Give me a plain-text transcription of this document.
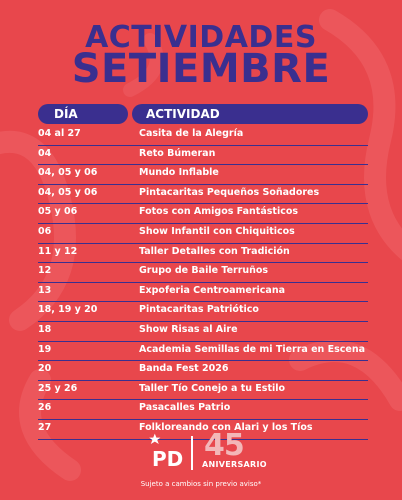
ACTIVIDADES
SETIEMBRE
DÍA	ACTIVIDAD
04 al 27	Casita de la Alegría
04	Reto Búmeran
04, 05 y 06	Mundo Inflable
04, 05 y 06	Pintacaritas Pequeños Soñadores
05 y 06	Fotos con Amigos Fantásticos
06	Show Infantil con Chiquiticos
11 y 12	Taller Detalles con Tradición
12	Grupo de Baile Terruños
13	Expoferia Centroamericana
18, 19 y 20	Pintacaritas Patriótico
18	Show Risas al Aire
19	Academia Semillas de mi Tierra en Escena
20	Banda Fest 2026
25 y 26	Taller Tío Conejo a tu Estilo
26	Pasacalles Patrio
27	Folkloreando con Alari y los Tíos
PD 45
ANIVERSARIO
Sujeto a cambios sin previo aviso*
